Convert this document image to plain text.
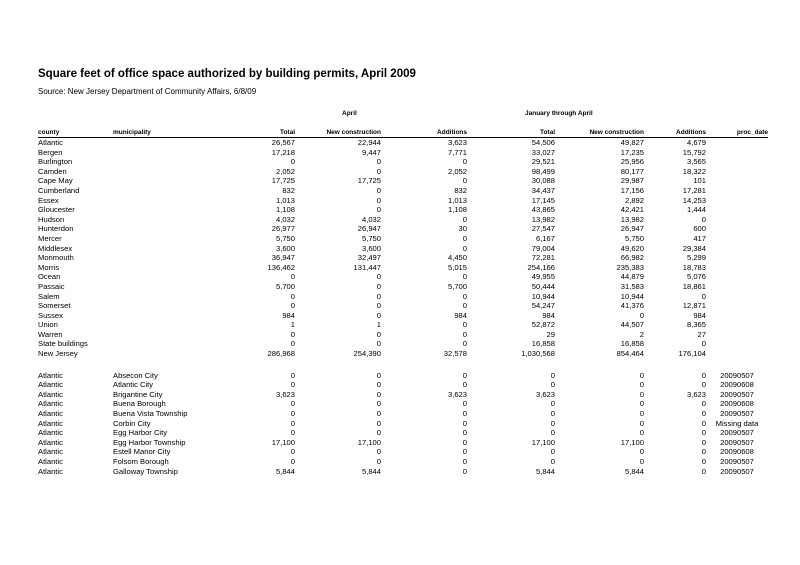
Square feet of office space authorized by building permits, April 2009
Source: New Jersey Department of Community Affairs, 6/8/09
April	January through April
county	municipality	Total	New construction	Additions	Total	New construction	Additions	proc_date
Atlantic		26,567	22,944	3,623	54,506	49,827	4,679	
Bergen		17,218	9,447	7,771	33,027	17,235	15,792	
Burlington		0	0	0	29,521	25,956	3,565	
Camden		2,052	0	2,052	98,499	80,177	18,322	
Cape May		17,725	17,725	0	30,088	29,987	101	
Cumberland		832	0	832	34,437	17,156	17,281	
Essex		1,013	0	1,013	17,145	2,892	14,253	
Gloucester		1,108	0	1,108	43,865	42,421	1,444	
Hudson		4,032	4,032	0	13,982	13,982	0	
Hunterdon		26,977	26,947	30	27,547	26,947	600	
Mercer		5,750	5,750	0	6,167	5,750	417	
Middlesex		3,600	3,600	0	79,004	49,620	29,384	
Monmouth		36,947	32,497	4,450	72,281	66,982	5,299	
Morris		136,462	131,447	5,015	254,166	235,383	18,783	
Ocean		0	0	0	49,955	44,879	5,076	
Passaic		5,700	0	5,700	50,444	31,583	18,861	
Salem		0	0	0	10,944	10,944	0	
Somerset		0	0	0	54,247	41,376	12,871	
Sussex		984	0	984	984	0	984	
Union		1	1	0	52,872	44,507	8,365	
Warren		0	0	0	29	2	27	
State buildings		0	0	0	16,858	16,858	0	
New Jersey		286,968	254,390	32,578	1,030,568	854,464	176,104	

Atlantic	Absecon City	0	0	0	0	0	0	20090507
Atlantic	Atlantic City	0	0	0	0	0	0	20090608
Atlantic	Brigantine City	3,623	0	3,623	3,623	0	3,623	20090507
Atlantic	Buena Borough	0	0	0	0	0	0	20090608
Atlantic	Buena Vista Township	0	0	0	0	0	0	20090507
Atlantic	Corbin City	0	0	0	0	0	0	Missing data
Atlantic	Egg Harbor City	0	0	0	0	0	0	20090507
Atlantic	Egg Harbor Township	17,100	17,100	0	17,100	17,100	0	20090507
Atlantic	Estell Manor City	0	0	0	0	0	0	20090608
Atlantic	Folsom Borough	0	0	0	0	0	0	20090507
Atlantic	Galloway Township	5,844	5,844	0	5,844	5,844	0	20090507
